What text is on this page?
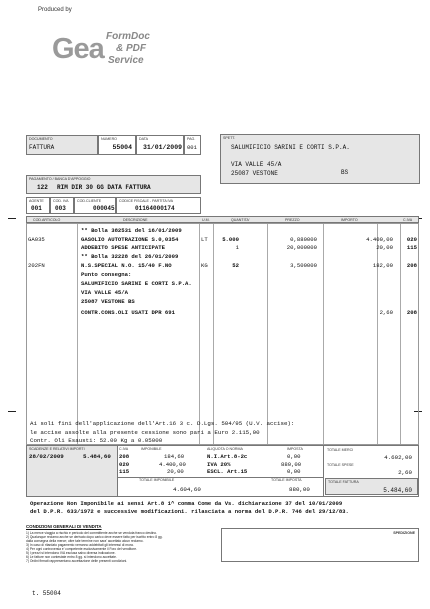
Produced by
Gea FormDoc
& PDF
Service
DOCUMENTO
FATTURA
NUMERO
55004
DATA
31/01/2009
PAG.
001
SPETT.
SALUMIFICIO SARINI E CORTI S.P.A.
VIA VALLE 45/A
25087 VESTONE	BS
PAGAMENTO / BANCA D'APPOGGIO
122 RIM DIR 30 GG DATA FATTURA
AGENTE
001
COD. IVA
003
COD.CLIENTE
000045
CODICE FISCALE - PARTITA IVA
01164000174
COD.ARTICOLO	DESCRIZIONE	U.M.	QUANTITA'	PREZZO	IMPORTO	C.IVA
** Bolla 382531 del 16/01/2009
GA035	GASOLIO AUTOTRAZIONE S.0,0354	LT	5.000	0,880000	4.400,00 020
ADDEBITO SPESE ANTICIPATE	1	20,000000	20,00 115
** Bolla 32228 del 26/01/2009
202FN	N.S.SPECIAL N.O. 15/40 F.NO	KG	52	3,500000	182,00 208
Punto consegna:
SALUMIFICIO SARINI E CORTI S.P.A.
VIA VALLE 45/A
25087 VESTONE BS
CONTR.CONS.OLI USATI DPR 691	2,60 208
Ai soli fini dell'applicazione dell'Art.16 3 c. D.Lgs. 504/95 (U.V. accise):
le accise assolte alla presente cessione sono pari a Euro 2.115,00
Contr. Oli Esausti: 52.00 Kg a 0.05000
SCADENZE E RELATIVI IMPORTI
28/02/2009	5.484,60
C.IVA	IMPONIBILE	ALIQUOTA O NORMA	IMPOSTA
208	184,60	N.I.Art.8-2c	0,00
020	4.400,00	IVA 20%	880,00
115	20,00	ESCL. Art.15	0,00
TOTALE IMPONIBILE
4.604,60
TOTALE IMPOSTA
880,00
TOTALE MERCI
4.602,00
TOTALE SPESE
2,60
TOTALE FATTURA
5.484,60
Operazione Non Imponibile ai sensi Art.8 1^ comma Come da Vs. dichiarazione 37 del 10/01/2009
del D.P.R. 633/1972 e successive modificazioni. rilasciata a norma del D.P.R. 746 del 29/12/83.
CONDIZIONI GENERALI DI VENDITA
1) La merce viaggia a rischio e pericolo del committente anche se venduta franco destino.
2) Qualunque reclamo anche se derivato dopo carico deve essere fatto per iscritto entro 8 gg.
dalla consegna della merce; oltre tale termine non sara' accettato alcun reclamo.
3) In caso di ritardato pagamento verranno addebitati gli interessi di mora.
4) Per ogni controversia e' competente esclusivamente il Foro del venditore.
5) I prezzi si intendono IVA esclusa salvo diversa indicazione.
6) Le fatture non contestate entro 8 gg. si intendono accettate.
7) Ordini firmati rappresentano accettazione delle presenti condizioni.
SPEDIZIONE
t. 55004
